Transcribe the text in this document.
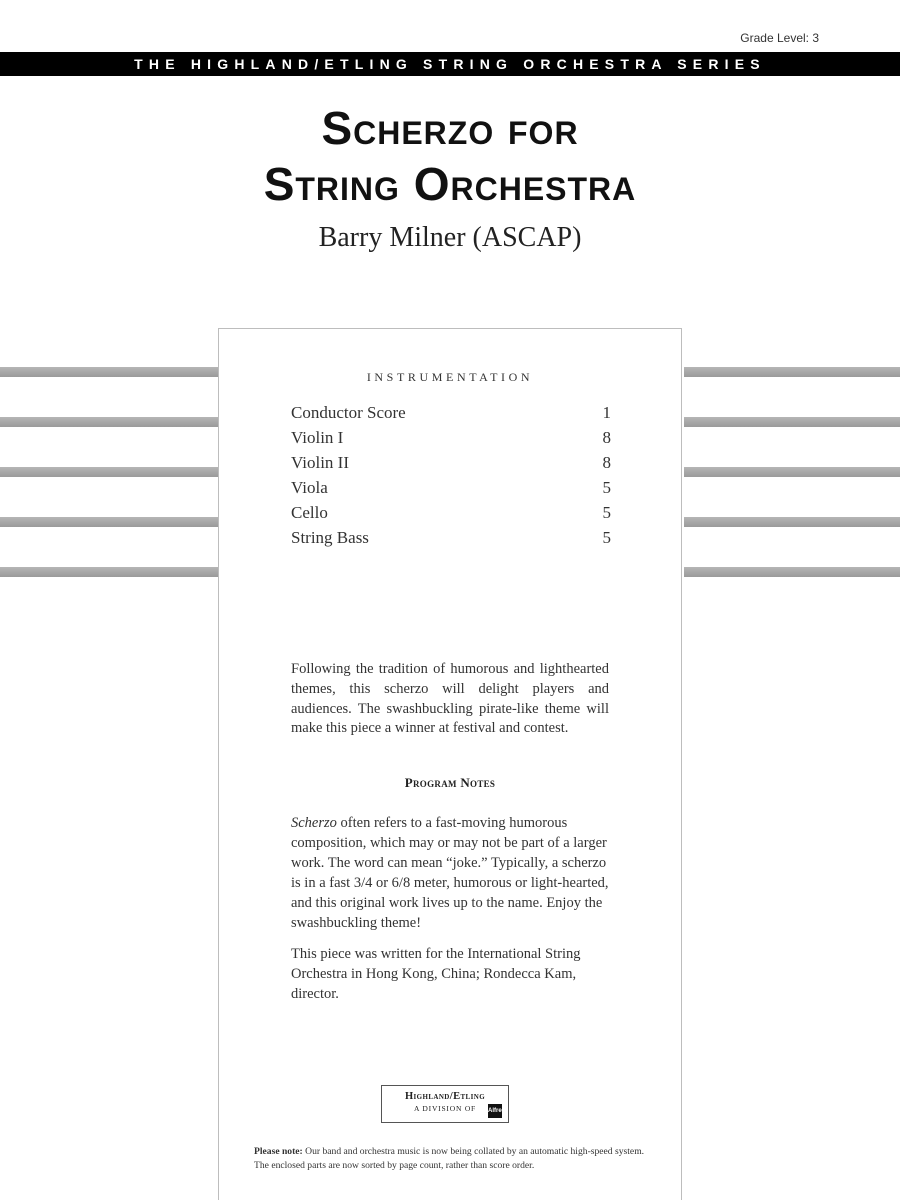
Grade Level: 3
THE HIGHLAND/ETLING STRING ORCHESTRA SERIES
Scherzo for
String Orchestra
Barry Milner (ASCAP)
INSTRUMENTATION
Conductor Score	1
Violin I	8
Violin II	8
Viola	5
Cello	5
String Bass	5

Following the tradition of humorous and lighthearted themes, this scherzo will delight players and audiences. The swashbuckling pirate-like theme will make this piece a winner at festival and contest.

Program Notes

Scherzo often refers to a fast-moving humorous composition, which may or may not be part of a larger work. The word can mean “joke.” Typically, a scherzo is in a fast 3/4 or 6/8 meter, humorous or light-hearted, and this original work lives up to the name. Enjoy the swashbuckling theme!

This piece was written for the International String Orchestra in Hong Kong, China; Rondecca Kam, director.

Highland/Etling
A DIVISION OF	Alfred

Please note: Our band and orchestra music is now being collated by an automatic high-speed system. The enclosed parts are now sorted by page count, rather than score order.
